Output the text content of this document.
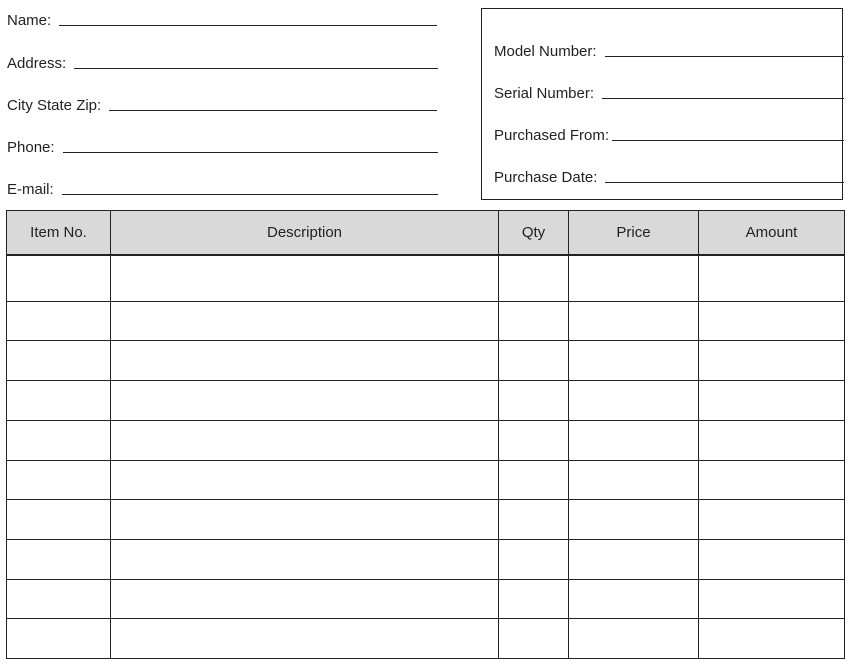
Name:
Address:
City State Zip:
Phone:
E-mail:
Model Number:
Serial Number:
Purchased From:
Purchase Date:
Item No.	Description	Qty	Price	Amount
